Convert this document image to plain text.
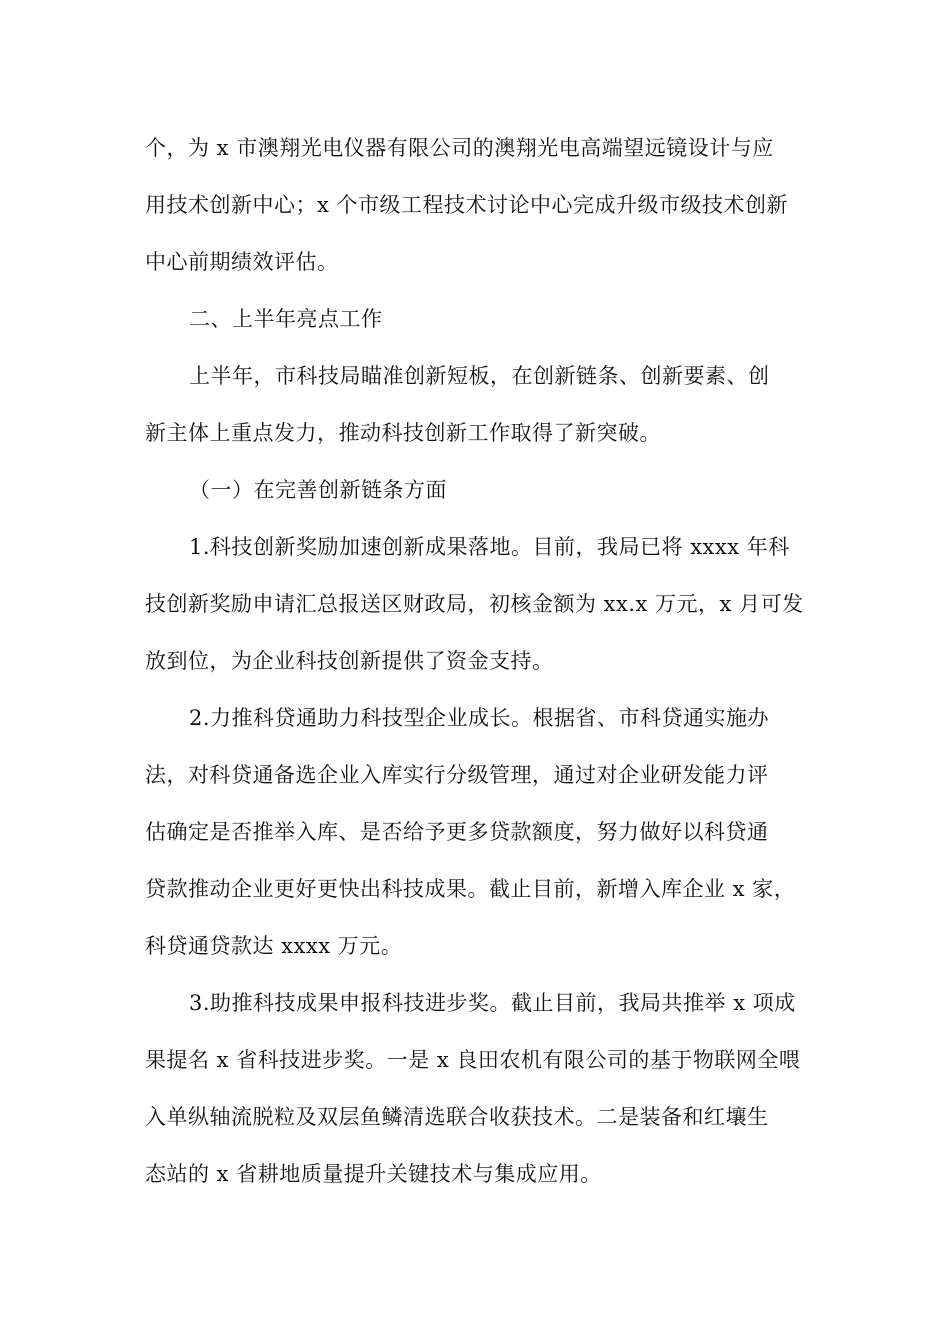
个，为 x 市澳翔光电仪器有限公司的澳翔光电高端望远镜设计与应
用技术创新中心；x 个市级工程技术讨论中心完成升级市级技术创新
中心前期绩效评估。
二、上半年亮点工作
上半年，市科技局瞄准创新短板，在创新链条、创新要素、创
新主体上重点发力，推动科技创新工作取得了新突破。
（一）在完善创新链条方面
1.科技创新奖励加速创新成果落地。目前，我局已将 xxxx 年科
技创新奖励申请汇总报送区财政局，初核金额为 xx.x 万元，x 月可发
放到位，为企业科技创新提供了资金支持。
2.力推科贷通助力科技型企业成长。根据省、市科贷通实施办
法，对科贷通备选企业入库实行分级管理，通过对企业研发能力评
估确定是否推举入库、是否给予更多贷款额度，努力做好以科贷通
贷款推动企业更好更快出科技成果。截止目前，新增入库企业 x 家，
科贷通贷款达 xxxx 万元。
3.助推科技成果申报科技进步奖。截止目前，我局共推举 x 项成
果提名 x 省科技进步奖。一是 x 良田农机有限公司的基于物联网全喂
入单纵轴流脱粒及双层鱼鳞清选联合收获技术。二是装备和红壤生
态站的 x 省耕地质量提升关键技术与集成应用。
